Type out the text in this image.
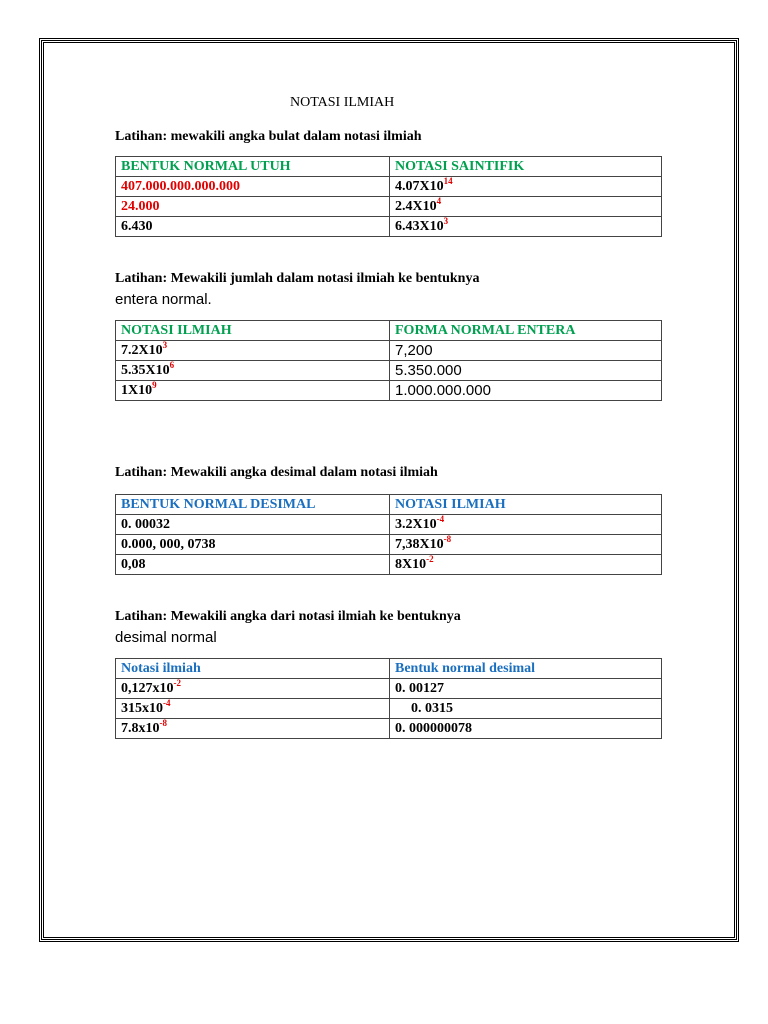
NOTASI ILMIAH
Latihan: mewakili angka bulat dalam notasi ilmiah
BENTUK NORMAL UTUH	NOTASI SAINTIFIK
407.000.000.000.000	$4.07X10^{14}$
24.000	$2.4X10^4$
6.430	$6.43X10^3$
Latihan: Mewakili jumlah dalam notasi ilmiah ke bentuknya
entera normal.
NOTASI ILMIAH	FORMA NORMAL ENTERA
$7.2X10^3$	7,200
$5.35X10^6$	5.350.000
$1X10^9$	1.000.000.000
Latihan: Mewakili angka desimal dalam notasi ilmiah
BENTUK NORMAL DESIMAL	NOTASI ILMIAH
0. 00032	$3.2X10^{-4}$
0.000, 000, 0738	$7,38X10^{-8}$
0,08	$8X10^{-2}$
Latihan: Mewakili angka dari notasi ilmiah ke bentuknya
desimal normal
Notasi ilmiah	Bentuk normal desimal
$0,127x10^{-2}$	0. 00127
$315x10^{-4}$	0. 0315
$7.8x10^{-8}$	0. 000000078
